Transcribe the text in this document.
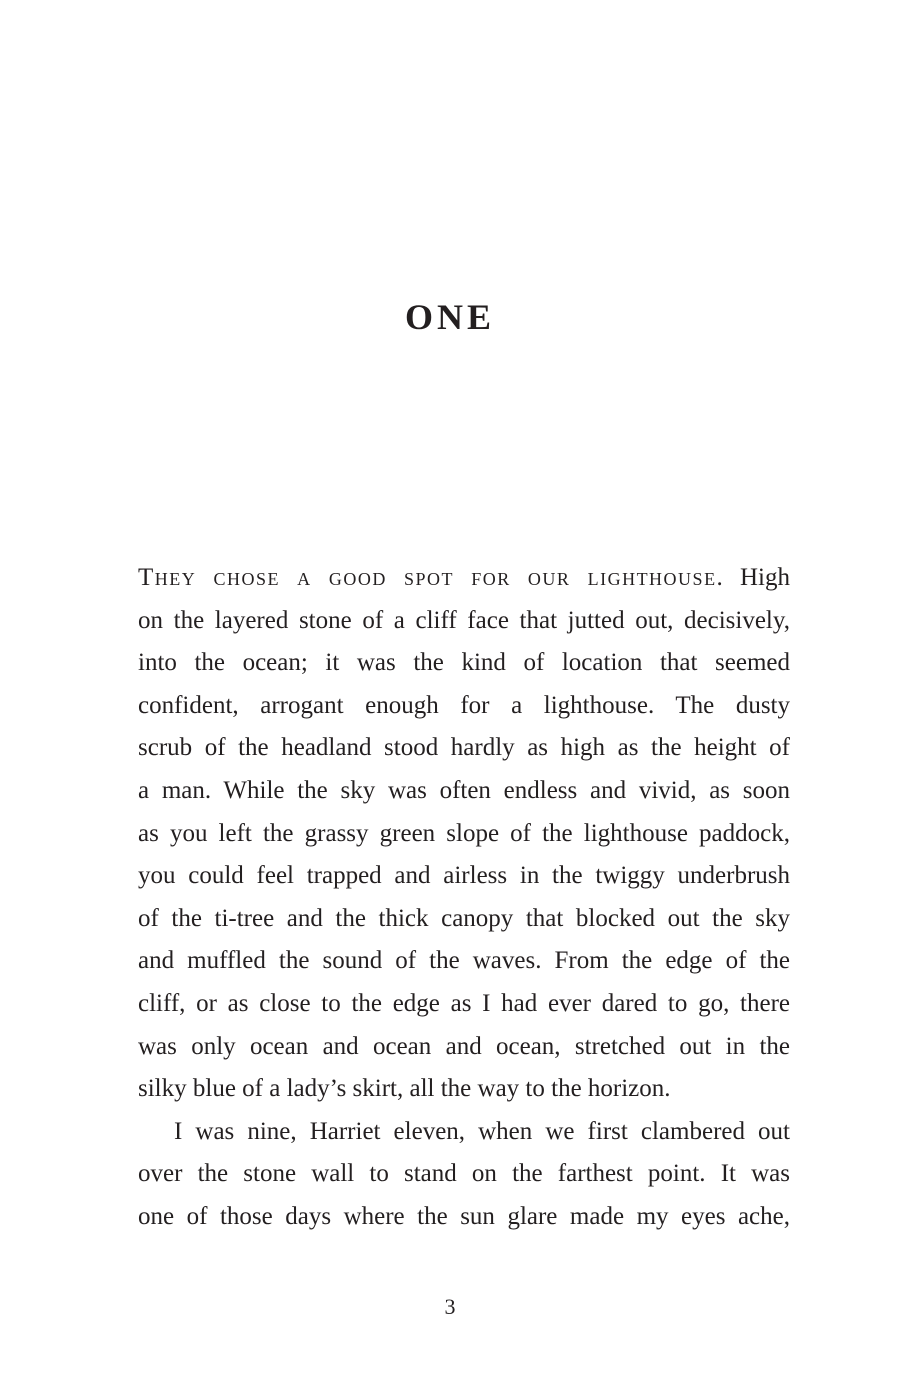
ONE
They chose a good spot for our lighthouse. High
on the layered stone of a cliff face that jutted out, decisively,
into the ocean; it was the kind of location that seemed
confident, arrogant enough for a lighthouse. The dusty
scrub of the headland stood hardly as high as the height of
a man. While the sky was often endless and vivid, as soon
as you left the grassy green slope of the lighthouse paddock,
you could feel trapped and airless in the twiggy underbrush
of the ti-tree and the thick canopy that blocked out the sky
and muffled the sound of the waves. From the edge of the
cliff, or as close to the edge as I had ever dared to go, there
was only ocean and ocean and ocean, stretched out in the
silky blue of a lady’s skirt, all the way to the horizon.
I was nine, Harriet eleven, when we first clambered out
over the stone wall to stand on the farthest point. It was
one of those days where the sun glare made my eyes ache,
3
